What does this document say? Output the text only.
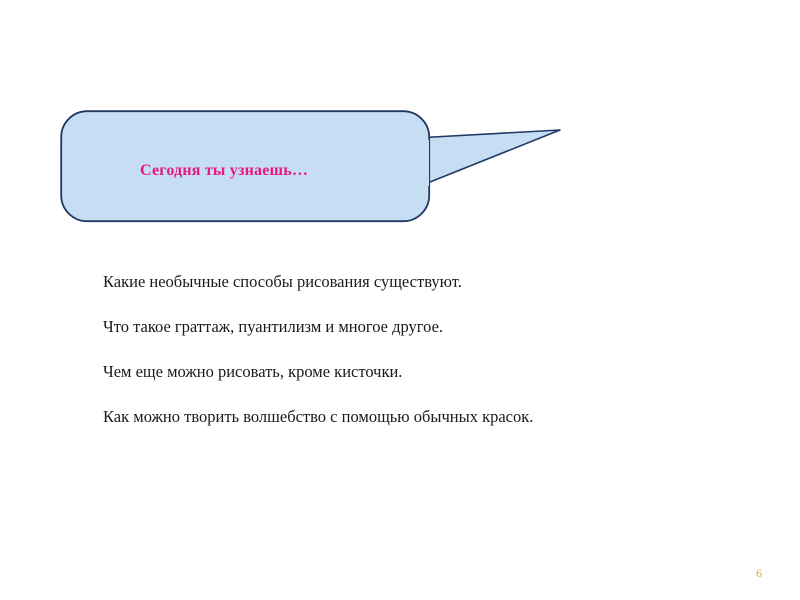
Сегодня ты узнаешь…
Какие необычные способы рисования существуют.
Что такое граттаж, пуантилизм и многое другое.
Чем еще можно рисовать, кроме кисточки.
Как можно творить волшебство с помощью обычных красок.
6
